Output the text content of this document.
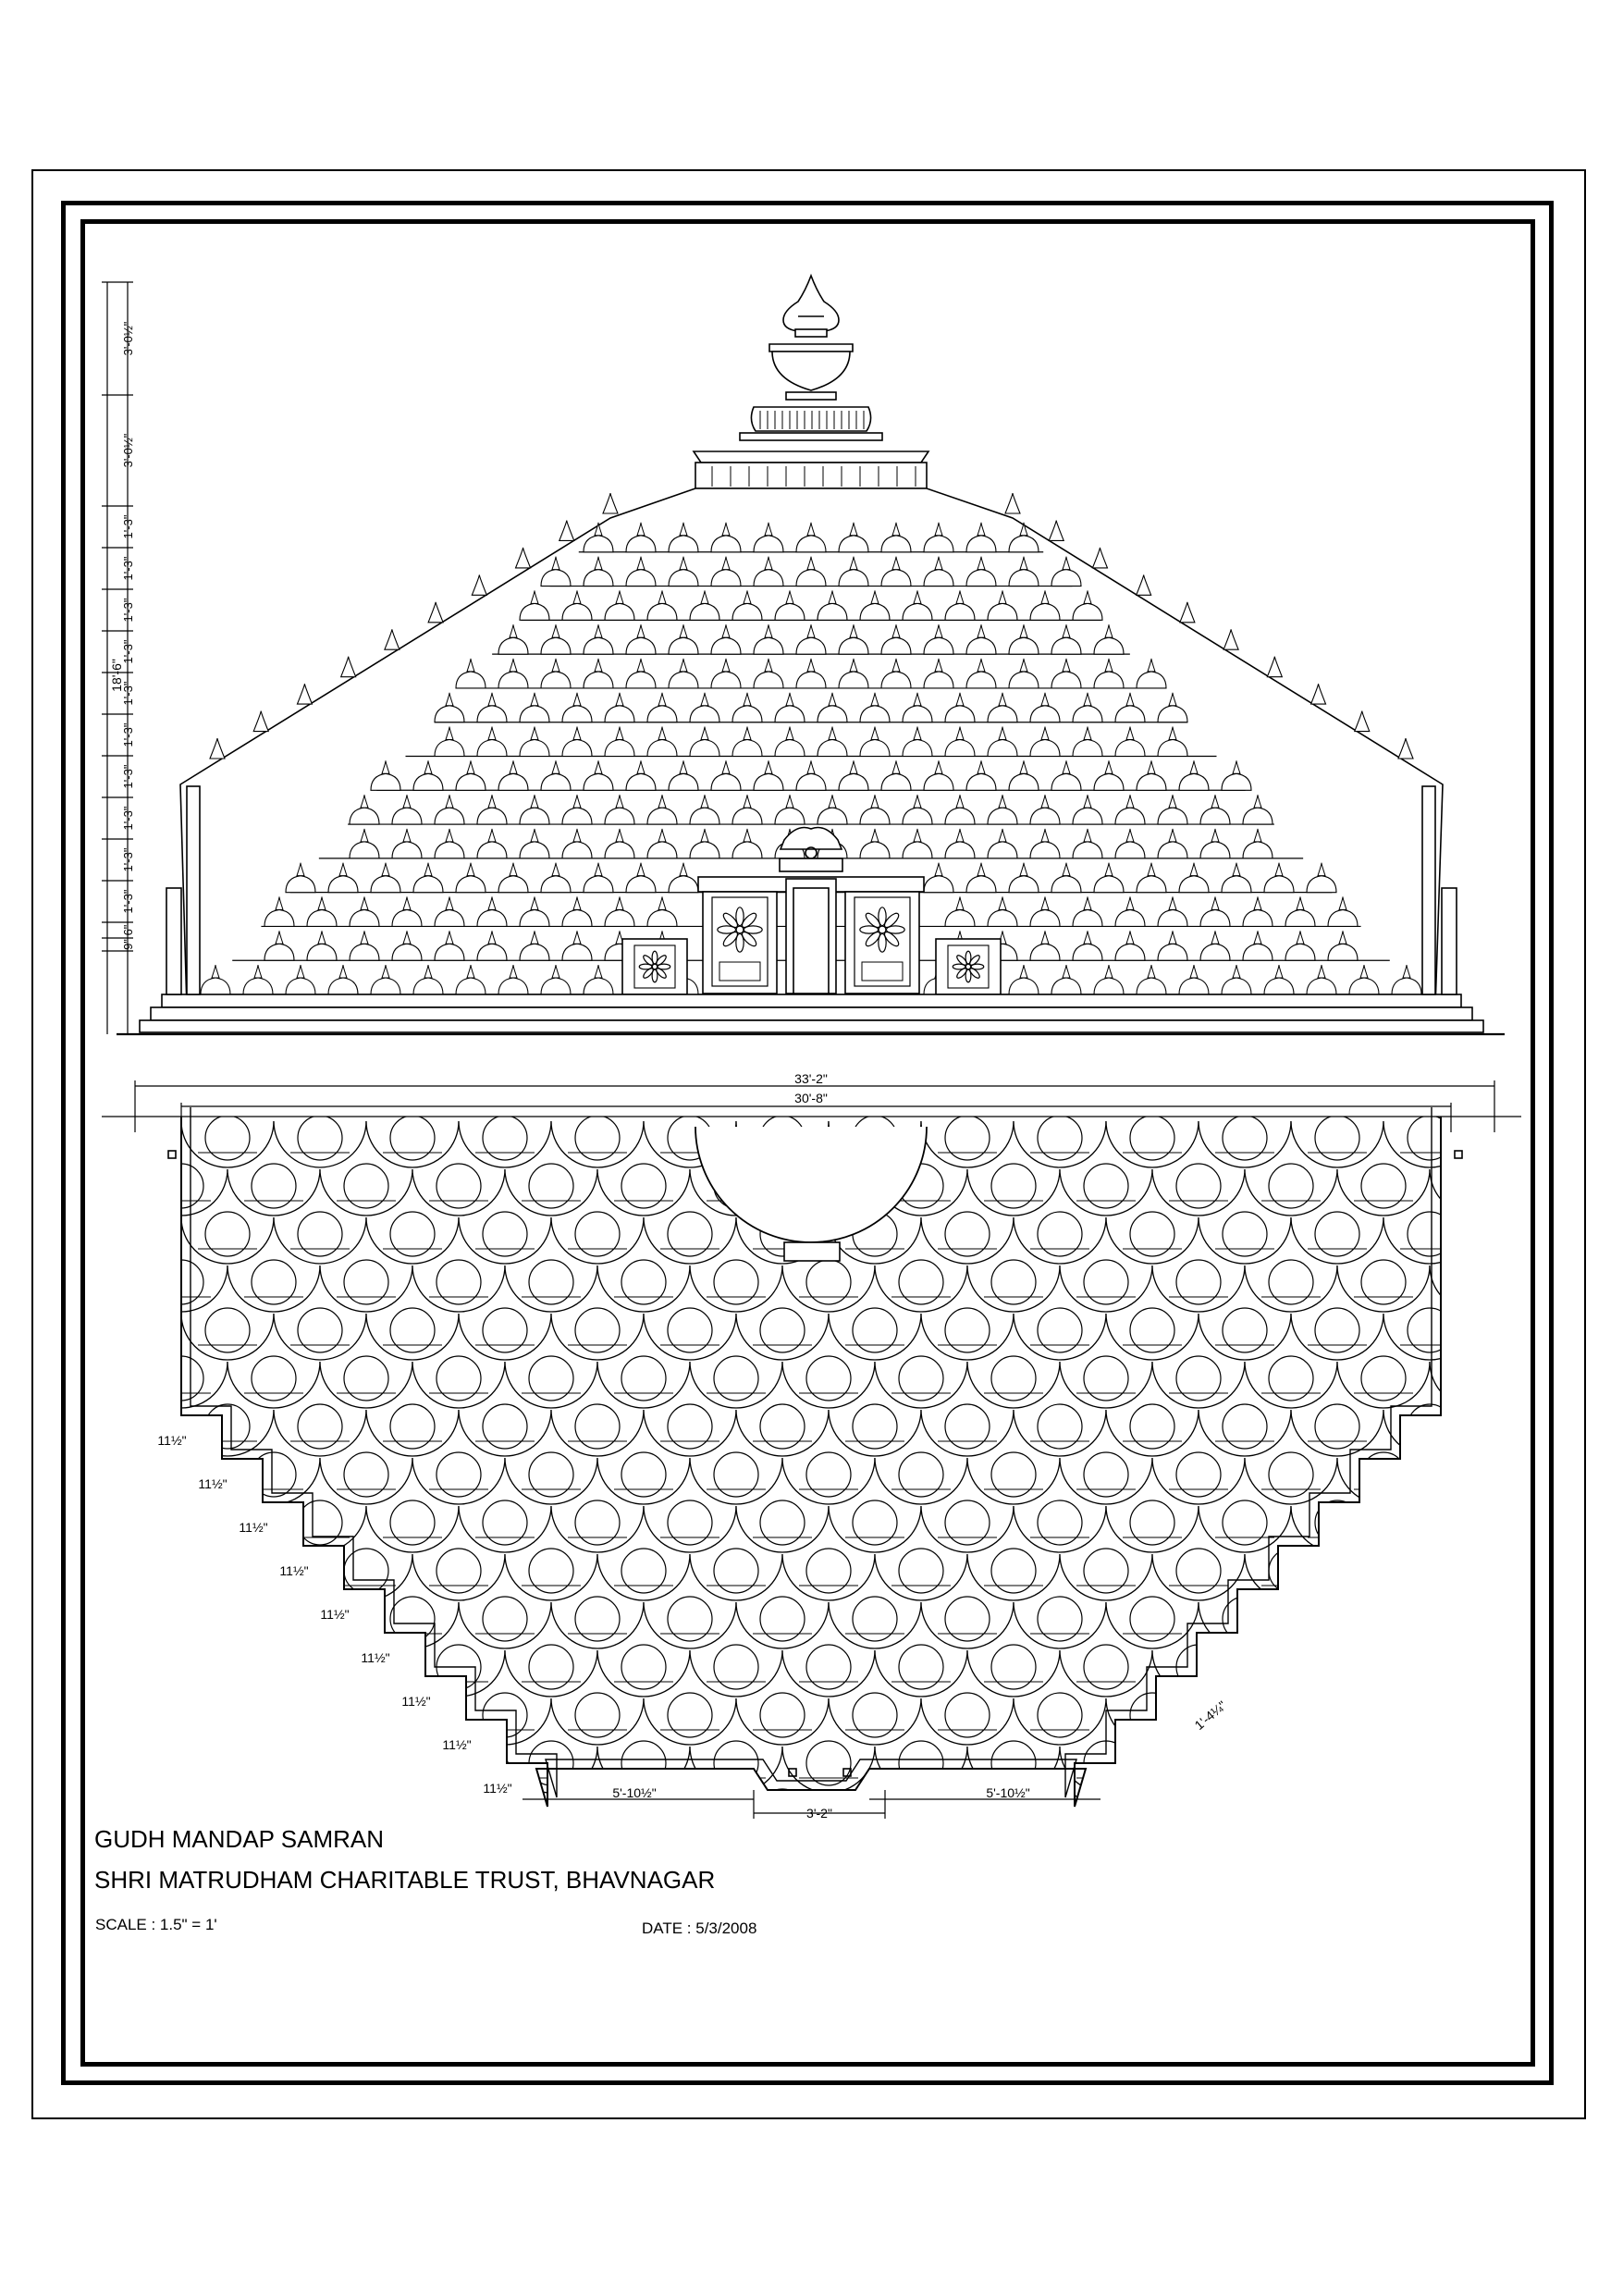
18'-6"
3'-0½"
3'-0½"
1'-3"
1'-3"
1'-3"
1'-3"
1'-3"
1'-3"
1'-3"
1'-3"
1'-3"
1'-3"
6"
9"
33'-2"
30'-8"
5'-10½"
3'-2"
5'-10½"
1'-4¼"
11½"
11½"
11½"
11½"
11½"
11½"
11½"
11½"
11½"
GUDH MANDAP SAMRAN
SHRI MATRUDHAM CHARITABLE TRUST, BHAVNAGAR
SCALE : 1.5" = 1'	DATE : 5/3/2008
